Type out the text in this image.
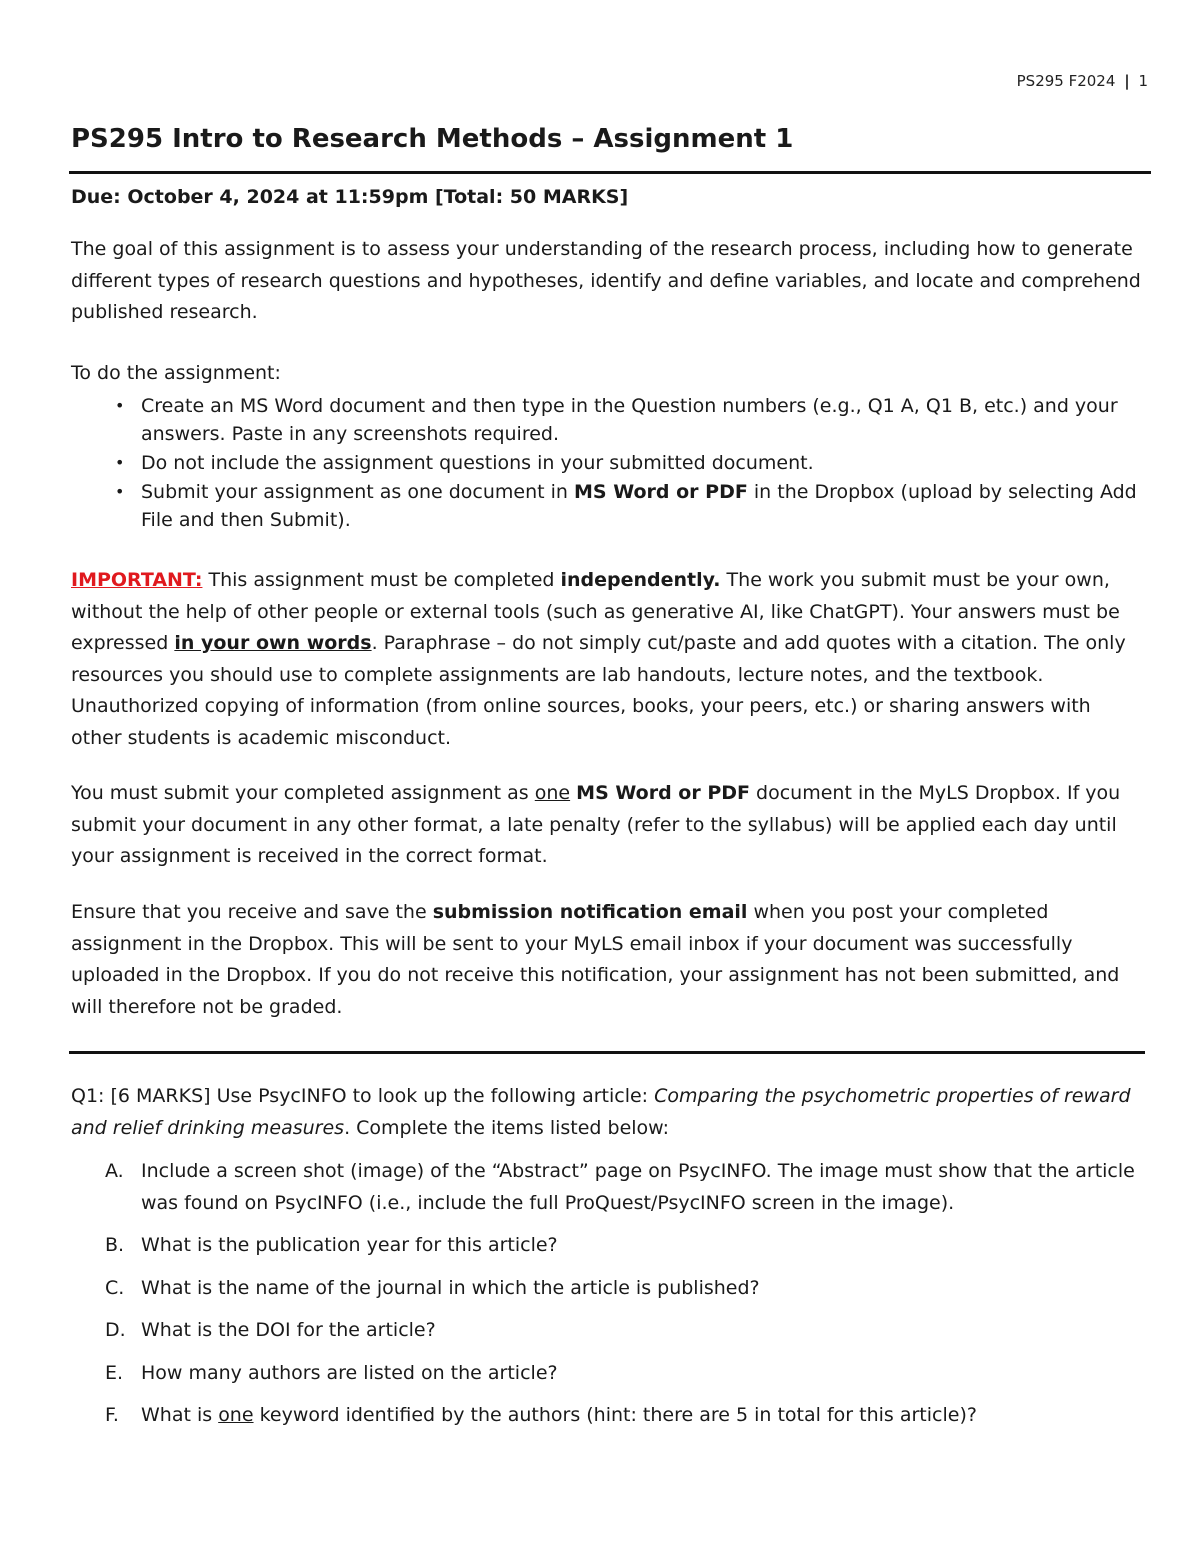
PS295 F2024 | 1
PS295 Intro to Research Methods – Assignment 1

Due: October 4, 2024 at 11:59pm [Total: 50 MARKS]

The goal of this assignment is to assess your understanding of the research process, including how to generate different types of research questions and hypotheses, identify and define variables, and locate and comprehend published research.

To do the assignment:

• Create an MS Word document and then type in the Question numbers (e.g., Q1 A, Q1 B, etc.) and your answers. Paste in any screenshots required.
• Do not include the assignment questions in your submitted document.
• Submit your assignment as one document in MS Word or PDF in the Dropbox (upload by selecting Add File and then Submit).

IMPORTANT: This assignment must be completed independently. The work you submit must be your own, without the help of other people or external tools (such as generative AI, like ChatGPT). Your answers must be expressed in your own words. Paraphrase – do not simply cut/paste and add quotes with a citation. The only resources you should use to complete assignments are lab handouts, lecture notes, and the textbook. Unauthorized copying of information (from online sources, books, your peers, etc.) or sharing answers with other students is academic misconduct.

You must submit your completed assignment as one MS Word or PDF document in the MyLS Dropbox. If you submit your document in any other format, a late penalty (refer to the syllabus) will be applied each day until your assignment is received in the correct format.

Ensure that you receive and save the submission notification email when you post your completed assignment in the Dropbox. This will be sent to your MyLS email inbox if your document was successfully uploaded in the Dropbox. If you do not receive this notification, your assignment has not been submitted, and will therefore not be graded.

Q1: [6 MARKS] Use PsycINFO to look up the following article: Comparing the psychometric properties of reward and relief drinking measures. Complete the items listed below:

A. Include a screen shot (image) of the “Abstract” page on PsycINFO. The image must show that the article was found on PsycINFO (i.e., include the full ProQuest/PsycINFO screen in the image).
B. What is the publication year for this article?
C. What is the name of the journal in which the article is published?
D. What is the DOI for the article?
E. How many authors are listed on the article?
F. What is one keyword identified by the authors (hint: there are 5 in total for this article)?
